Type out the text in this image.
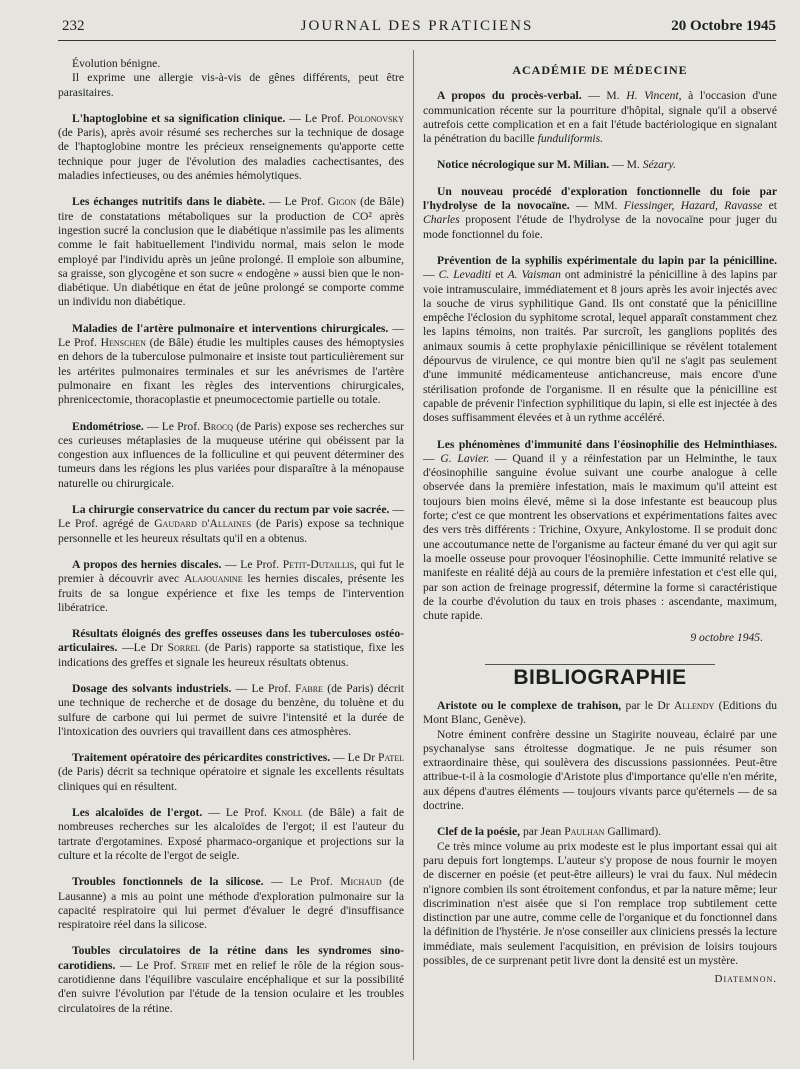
232	JOURNAL DES PRATICIENS	20 Octobre 1945

Évolution bénigne.

Il exprime une allergie vis-à-vis de gênes différents, peut être parasitaires.

L'haptoglobine et sa signification clinique. — Le Prof. Polonovsky (de Paris), après avoir résumé ses recherches sur la technique de dosage de l'haptoglobine montre les précieux renseignements qu'apporte cette technique pour juger de l'évolution des maladies cachectisantes, des maladies infectieuses, ou des anémies hémolytiques.

Les échanges nutritifs dans le diabète. — Le Prof. Gigon (de Bâle) tire de constatations métaboliques sur la production de CO² après ingestion sucré la conclusion que le diabétique n'assimile pas les aliments comme le fait habituellement l'individu normal, mais selon le mode employé par l'individu après un jeûne prolongé. Il emploie son albumine, sa graisse, son glycogène et son sucre « endogène » aussi bien que le non-diabétique. Un diabétique en état de jeûne prolongé se comporte comme un individu non diabétique.

Maladies de l'artère pulmonaire et interventions chirurgicales. — Le Prof. Henschen (de Bâle) étudie les multiples causes des hémoptysies en dehors de la tuberculose pulmonaire et insiste tout particulièrement sur les artérites pulmonaires terminales et sur les anévrismes de l'artère pulmonaire en fixant les règles des interventions chirurgicales, phrenicectomie, thoracoplastie et pneumocectomie partielle ou totale.

Endométriose. — Le Prof. Brocq (de Paris) expose ses recherches sur ces curieuses métaplasies de la muqueuse utérine qui obéissent par la congestion aux influences de la folliculine et qui peuvent déterminer des tumeurs dans les régions les plus variées pour disparaître à la ménopause naturelle ou chirurgicale.

La chirurgie conservatrice du cancer du rectum par voie sacrée. — Le Prof. agrégé de Gaudard d'Allaines (de Paris) expose sa technique personnelle et les heureux résultats qu'il en a obtenus.

A propos des hernies discales. — Le Prof. Petit-Dutaillis, qui fut le premier à découvrir avec Alajouanine les hernies discales, présente les fruits de sa longue expérience et fixe les temps de l'intervention libératrice.

Résultats éloignés des greffes osseuses dans les tuberculoses ostéo-articulaires. —Le Dr Sorrel (de Paris) rapporte sa statistique, fixe les indications des greffes et signale les heureux résultats obtenus.

Dosage des solvants industriels. — Le Prof. Fabre (de Paris) décrit une technique de recherche et de dosage du benzène, du toluène et du sulfure de carbone qui lui permet de suivre l'intensité et la durée de l'intoxication des ouvriers qui travaillent dans ces atmosphères.

Traitement opératoire des péricardites constrictives. — Le Dr Patel (de Paris) décrit sa technique opératoire et signale les excellents résultats cliniques qui en résultent.

Les alcaloïdes de l'ergot. — Le Prof. Knoll (de Bâle) a fait de nombreuses recherches sur les alcaloïdes de l'ergot; il est l'auteur du tartrate d'ergotamines. Exposé pharmaco-organique et projections sur la culture et la récolte de l'ergot de seigle.

Troubles fonctionnels de la silicose. — Le Prof. Michaud (de Lausanne) a mis au point une méthode d'exploration pulmonaire sur la capacité respiratoire qui lui permet d'évaluer le degré d'insuffisance respiratoire réel dans la silicose.

Toubles circulatoires de la rétine dans les syndromes sino-carotidiens. — Le Prof. Streif met en relief le rôle de la région sous-carotidienne dans l'équilibre vasculaire encéphalique et sur la possibilité d'en suivre l'évolution par l'étude de la tension oculaire et les troubles circulatoires de la rétine.

ACADÉMIE DE MÉDECINE

A propos du procès-verbal. — M. H. Vincent, à l'occasion d'une communication récente sur la pourriture d'hôpital, signale qu'il a observé autrefois cette complication et en a fait l'étude bactériologique en signalant la pénétration du bacille funduliformis.

Notice nécrologique sur M. Milian. — M. Sézary.

Un nouveau procédé d'exploration fonctionnelle du foie par l'hydrolyse de la novocaïne. — MM. Fiessinger, Hazard, Ravasse et Charles proposent l'étude de l'hydrolyse de la novocaïne pour juger du mode fonctionnel du foie.

Prévention de la syphilis expérimentale du lapin par la pénicilline. — C. Levaditi et A. Vaisman ont administré la pénicilline à des lapins par voie intramusculaire, immédiatement et 8 jours après les avoir injectés avec la souche de virus syphilitique Gand. Ils ont constaté que la pénicilline empêche l'éclosion du syphitome scrotal, lequel apparaît constamment chez les lapins témoins, non traités. Par surcroît, les ganglions poplités des animaux soumis à cette prophylaxie pénicillinique se révèlent totalement dépourvus de virulence, ce qui montre bien qu'il ne s'agit pas seulement d'une immunité médicamenteuse antichancreuse, mais encore d'une stérilisation profonde de l'organisme. Il en résulte que la pénicilline est capable de prévenir l'infection syphilitique du lapin, si elle est injectée à des doses suffisamment élevées et à un rythme accéléré.

Les phénomènes d'immunité dans l'éosinophilie des Helminthiases. — G. Lavier. — Quand il y a réinfestation par un Helminthe, le taux d'éosinophilie sanguine évolue suivant une courbe analogue à celle observée dans la première infestation, mais le maximum qu'il atteint est toujours bien moins élevé, même si la dose infestante est beaucoup plus forte; c'est ce que montrent les observations et expérimentations faites avec des vers très différents : Trichine, Oxyure, Ankylostome. Il se produit donc une accoutumance nette de l'organisme au facteur émané du ver qui agit sur la moelle osseuse pour provoquer l'éosinophilie. Cette immunité relative se manifeste en réalité déjà au cours de la première infestation et c'est elle qui, par son action de freinage progressif, détermine la forme si caractéristique de la courbe d'évolution du taux en trois phases : ascendante, maximum, chute rapide.

9 octobre 1945.

BIBLIOGRAPHIE

Aristote ou le complexe de trahison, par le Dr Allendy (Editions du Mont Blanc, Genève).

Notre éminent confrère dessine un Stagirite nouveau, éclairé par une psychanalyse sans étroitesse dogmatique. Je ne puis résumer son extraordinaire thèse, qui soulèvera des discussions passionnées. Peut-être attribue-t-il à la cosmologie d'Aristote plus d'importance qu'elle n'en mérite, aux dépens d'autres éléments — toujours vivants parce qu'éternels — de sa doctrine.

Clef de la poésie, par Jean Paulhan Gallimard).

Ce très mince volume au prix modeste est le plus important essai qui ait paru depuis fort longtemps. L'auteur s'y propose de nous fournir le moyen de discerner en poésie (et peut-être ailleurs) le vrai du faux. Nul médecin n'ignore combien ils sont étroitement confondus, et par la nature même; leur discrimination n'est aisée que si l'on remplace trop subtilement cette distinction par une autre, comme celle de l'organique et du fonctionnel dans la définition de l'hystérie. Je n'ose conseiller aux cliniciens pressés la lecture immédiate, mais seulement l'acquisition, en prévision de loisirs toujours possibles, de ce surprenant petit livre dont la densité est un mystère.

Diatemnon.
